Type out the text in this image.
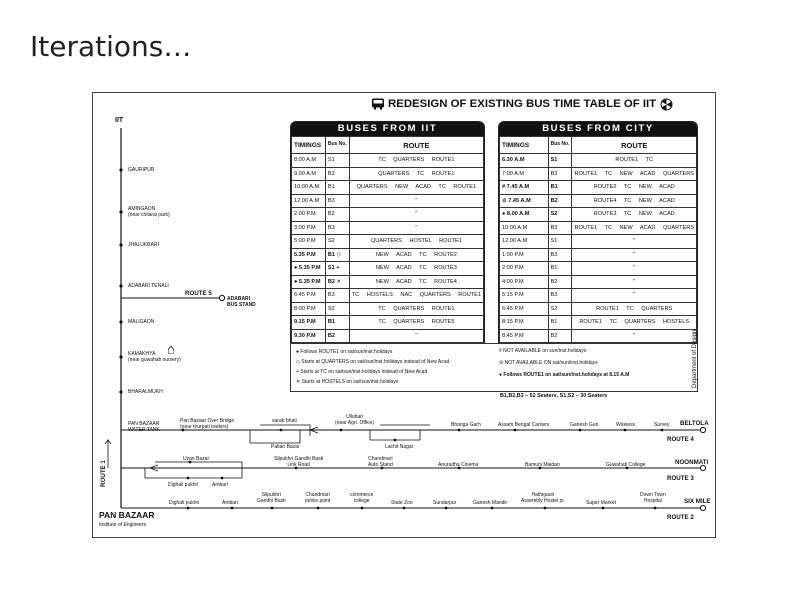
Iterations…
REDESIGN OF EXISTING BUS TIME TABLE OF IIT
BUSES FROM IIT
TIMINGS	Bus No.	ROUTE
8:00 A.M	S1	TC QUARTERS ROUTE1
9.00 A.M	B3	QUARTERS TC ROUTE1
10:00 A.M	B1	QUARTERS NEW ACAD TC ROUTE1
12.00 A.M	B3	"
2.00 P.M	B2	"
3:00 P.M	B3	"
5:00 P.M	S2	QUARTERS HOSTEL ROUTE1
5.35 P.M	B1 ◇	NEW ACAD TC ROUTE2
● 5.35 P.M	S1 +	NEW ACAD TC ROUTE3
● 5.35 P.M	B2 ✕	NEW ACAD TC ROUTE4
6:45 P.M	B3	TC HOSTELS NAC QUARTERS ROUTE1
8:00 P.M	S2	TC QUARTERS ROUTE1
9.15 P.M	B1	TC QUARTERS ROUTE5
9.30 P.M	B2	"
BUSES FROM CITY
TIMINGS	Bus No.	ROUTE
6.30 A.M	S1	ROUTE1 TC
7:00 A.M	B3	ROUTE1 TC NEW ACAD QUARTERS
# 7.45 A.M	B1	ROUTE2 TC NEW ACAD
⊘ 7.45 A.M	B2	ROUTE4 TC NEW ACAD
● 8.00 A.M	S2	ROUTE3 TC NEW ACAD
10:00 A.M	B3	ROUTE1 TC NEW ACAD QUARTERS
12.00 A.M	S1	"
1:00 P.M	B3	"
2:00 P.M	B1	"
4:00 P.M	B2	"
5:15 P.M	B3	"
6:45 P.M	S2	ROUTE1 TC QUARTERS
8:15 P.M	B1	ROUTE1 TC QUARTERS HOSTELS
8:45 P.M	B2	"
● Follows ROUTE1 on sat/sun/inst.holidays
◇ Starts at QUARTERS on sat/sun/inst.holidays instead of New Acad
+ Starts at TC on sat/sun/inst.holidays instead of New Acad
✕ Starts at HOSTELS on sat/sun/inst.holidays
# NOT AVAILABLE on sun/inst.holidays
⊘ NOT AVAILABLE ON sat/sun/inst.holidays
● Follows ROUTE1 on sat/sun/inst.holidays at 8.15 A.M
B1,B2,B3 – 52 Seaters, S1,S2 – 30 Seaters
Department of Design
IIT
GAURIPUR
AMINGAON
(near chilarai park)
JHALUKBARI
ADABARI TENALI
MALIGAON
KAMAKHYA
(near guwahati nursery)
BHARALMUKH
PAN BAZAAR
WATER TANK
ROUTE 1
PAN BAZAAR
Institute of Engineers
ROUTE 5
ADABARI
BUS STAND
Pan Bazaar Over Bridge
(near tirurpati traders)
sarab bhati
Paltan Bazar
Ullubari
(near Agri. Office)
Lachit Nagar
Bhanga Garh	Assam Bengal Carriers	Ganesh Guri	Wireless	Survey BELTOLA
ROUTE 4
Uzan Bazar
Dighali pukhri	Ambari
Silpukhri Gandhi Basti
Link Road
Chandmari
Auto Stand	Anuradha Cinema	Bamuni Maidan	Guwahati College	NOONMATI
ROUTE 3
Dighali pukhri	Ambari
Silpukhri
Gandhi Basti
Chandmari
police point
commerce
college	State Zoo	Sundarpur	Ganesh Mandir
Hathigaon
Assembly Hostel jn.	Super Market
Down Town
Hospital	SIX MILE
ROUTE 2
